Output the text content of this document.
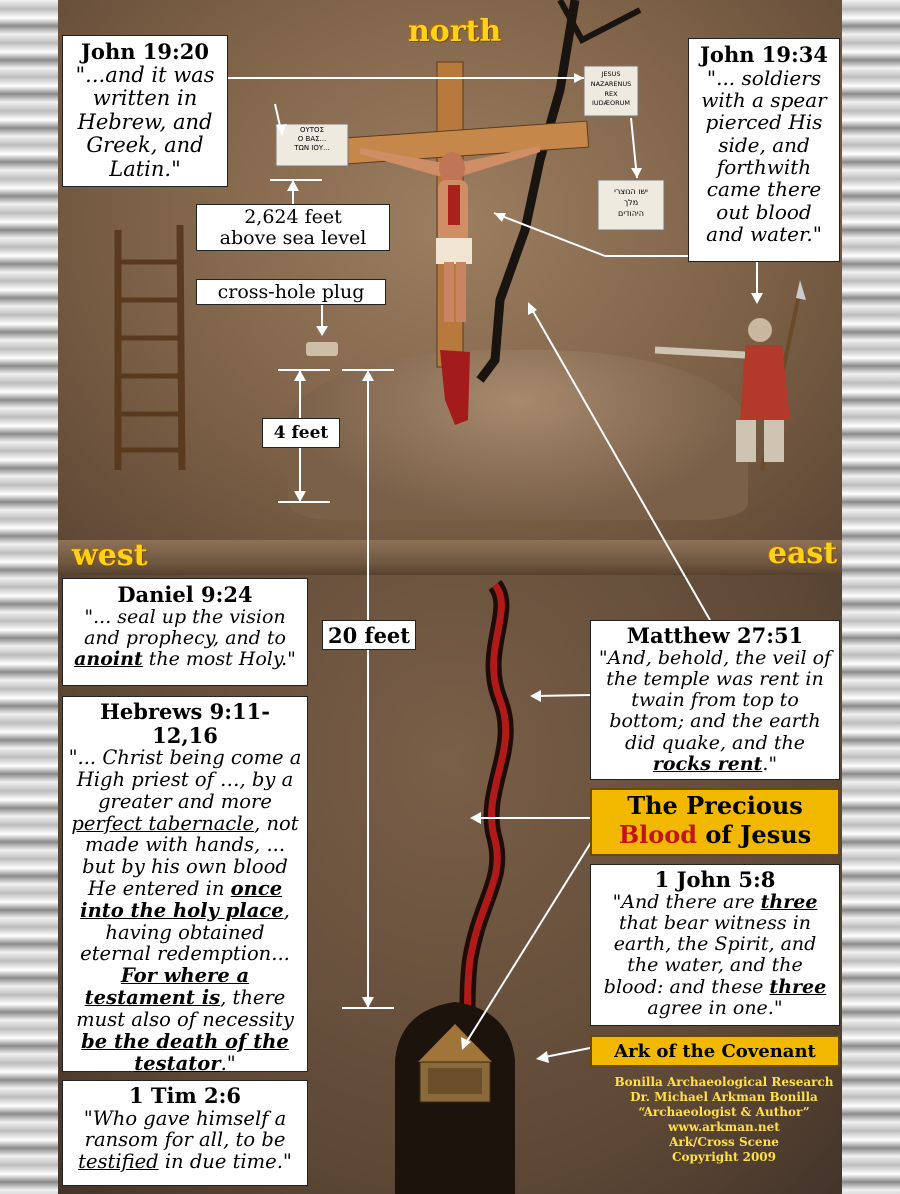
ΟΥΤΟΣ
Ο ΒΑΣ...
ΤΩΝ ΙΟΥ...
JESUS
NAZARENUS
REX
IUDÆORUM
ישו הנוצרי
מלך
היהודים
north
west	east
John 19:20

"...and it was written in Hebrew, and Greek, and Latin."

John 19:34

"... soldiers with a spear pierced His side, and forthwith came there out blood and water."

2,624 feet
above sea level
cross-hole plug
4 feet
20 feet
Daniel 9:24

"... seal up the vision and prophecy, and to anoint the most Holy."

Hebrews 9:11-12,16

"... Christ being come a High priest of …, by a greater and more perfect tabernacle, not made with hands, ... but by his own blood He entered in once into the holy place, having obtained eternal redemption... For where a testament is, there must also of necessity be the death of the testator."

1 Tim 2:6

"Who gave himself a ransom for all, to be testified in due time."

Matthew 27:51

"And, behold, the veil of the temple was rent in twain from top to bottom; and the earth did quake, and the rocks rent."

The Precious
Blood of Jesus
1 John 5:8

"And there are three that bear witness in earth, the Spirit, and the water, and the blood: and these three agree in one."

Ark of the Covenant
Bonilla Archaeological Research
Dr. Michael Arkman Bonilla
“Archaeologist & Author”
www.arkman.net
Ark/Cross Scene
Copyright 2009
